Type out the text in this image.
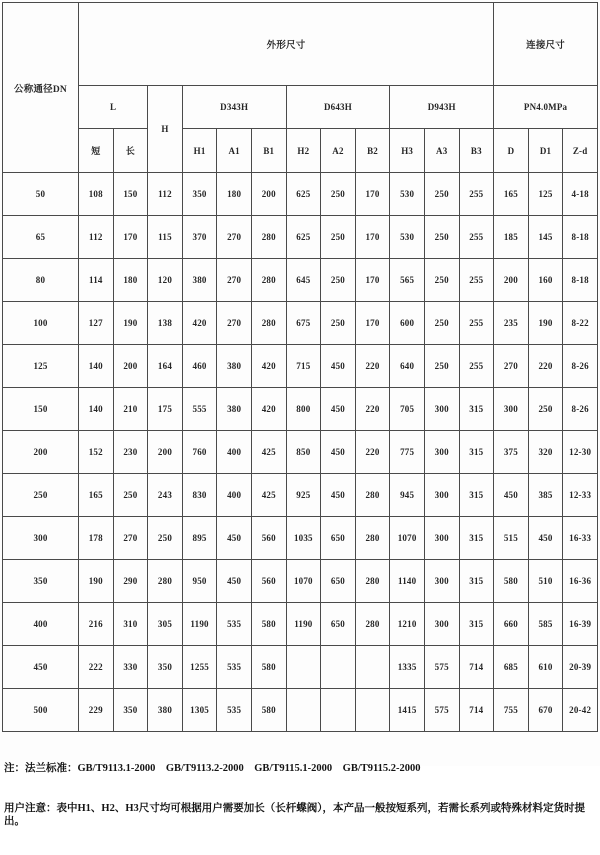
公称通径DN	外形尺寸												连接尺寸		
	L		H	D343H			D643H			D943H			PN4.0MPa		
	短	长		H1	A1	B1	H2	A2	B2	H3	A3	B3	D	D1	Z-d
50	108	150	112	350	180	200	625	250	170	530	250	255	165	125	4-18
65	112	170	115	370	270	280	625	250	170	530	250	255	185	145	8-18
80	114	180	120	380	270	280	645	250	170	565	250	255	200	160	8-18
100	127	190	138	420	270	280	675	250	170	600	250	255	235	190	8-22
125	140	200	164	460	380	420	715	450	220	640	250	255	270	220	8-26
150	140	210	175	555	380	420	800	450	220	705	300	315	300	250	8-26
200	152	230	200	760	400	425	850	450	220	775	300	315	375	320	12-30
250	165	250	243	830	400	425	925	450	280	945	300	315	450	385	12-33
300	178	270	250	895	450	560	1035	650	280	1070	300	315	515	450	16-33
350	190	290	280	950	450	560	1070	650	280	1140	300	315	580	510	16-36
400	216	310	305	1190	535	580	1190	650	280	1210	300	315	660	585	16-39
450	222	330	350	1255	535	580				1335	575	714	685	610	20-39
500	229	350	380	1305	535	580				1415	575	714	755	670	20-42

注：法兰标准：GB/T9113.1-2000　GB/T9113.2-2000　GB/T9115.1-2000　GB/T9115.2-2000

用户注意：表中H1、H2、H3尺寸均可根据用户需要加长（长杆蝶阀），本产品一般按短系列，若需长系列或特殊材料定货时提出。
